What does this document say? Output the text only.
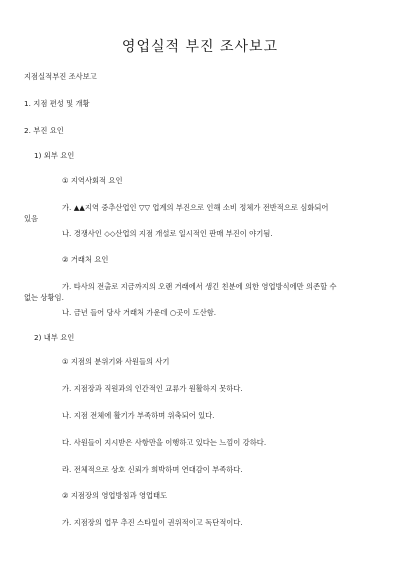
영업실적 부진 조사보고
지점실적부진 조사보고
1. 지점 편성 및 개황
2. 부진 요인
1) 외부 요인
① 지역사회적 요인
가. ▲▲지역 중추산업인 ▽▽ 업계의 부진으로 인해 소비 정체가 전반적으로 심화되어
있음
나. 경쟁사인 ◇◇산업의 지점 개설로 일시적인 판매 부진이 야기됨.
② 거래처 요인
가. 타사의 전출로 지금까지의 오랜 거래에서 생긴 친분에 의한 영업방식에만 의존할 수
없는 상황임.
나. 금년 들어 당사 거래처 가운데 ○곳이 도산함.
2) 내부 요인
① 지점의 분위기와 사원들의 사기
가. 지점장과 직원과의 인간적인 교류가 원활하지 못하다.
나. 지점 전체에 활기가 부족하며 위축되어 있다.
다. 사원들이 지시받은 사항만을 이행하고 있다는 느낌이 강하다.
라. 전체적으로 상호 신뢰가 희박하며 연대감이 부족하다.
② 지점장의 영업방침과 영업태도
가. 지점장의 업무 추진 스타일이 권위적이고 독단적이다.
